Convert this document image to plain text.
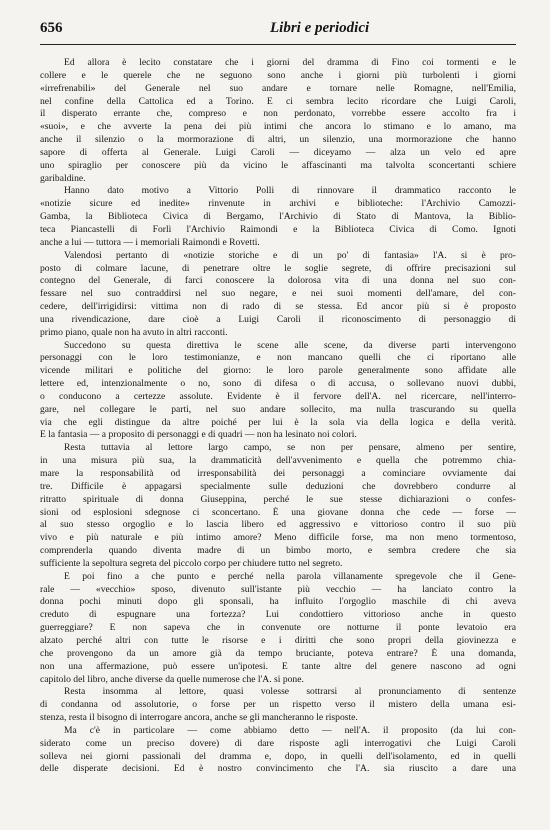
656	Libri e periodici
Ed allora è lecito constatare che i giorni del dramma di Fino coi tormenti e le
collere e le querele che ne seguono sono anche i giorni più turbolenti i giorni
«irrefrenabili» del Generale nel suo andare e tornare nelle Romagne, nell'Emilia,
nel confine della Cattolica ed a Torino. E ci sembra lecito ricordare che Luigi Caroli,
il disperato errante che, compreso e non perdonato, vorrebbe essere accolto fra i
«suoi», e che avverte la pena dei più intimi che ancora lo stimano e lo amano, ma
anche il silenzio o la mormorazione di altri, un silenzio, una mormorazione che hanno
sapore di offerta al Generale. Luigi Caroli — diceyamo — alza un velo ed apre
uno spiraglio per conoscere più da vicino le affascinanti ma talvolta sconcertanti schiere
garibaldine.
Hanno dato motivo a Vittorio Polli di rinnovare il drammatico racconto le
«notizie sicure ed inedite» rinvenute in archivi e biblioteche: l'Archivio Camozzi-
Gamba, la Biblioteca Civica di Bergamo, l'Archivio di Stato di Mantova, la Biblio-
teca Piancastelli di Forlì l'Archivio Raimondi e la Biblioteca Civica di Como. Ignoti
anche a lui — tuttora — i memoriali Raimondi e Rovetti.
Valendosi pertanto di «notizie storiche e di un po' di fantasia» l'A. si è pro-
posto di colmare lacune, di penetrare oltre le soglie segrete, di offrire precisazioni sul
contegno del Generale, di farci conoscere la dolorosa vita di una donna nel suo con-
fessare nel suo contraddirsi nel suo negare, e nei suoi momenti dell'amare, del con-
cedere, dell'irrigidirsi: vittima non di rado di se stessa. Ed ancor più si è proposto
una rivendicazione, dare cioè a Luigi Caroli il riconoscimento di personaggio di
primo piano, quale non ha avuto in altri racconti.
Succedono su questa direttiva le scene alle scene, da diverse parti intervengono
personaggi con le loro testimonianze, e non mancano quelli che ci riportano alle
vicende militari e politiche del giorno: le loro parole generalmente sono affidate alle
lettere ed, intenzionalmente o no, sono di difesa o di accusa, o sollevano nuovi dubbi,
o conducono a certezze assolute. Evidente è il fervore dell'A. nel ricercare, nell'interro-
gare, nel collegare le parti, nel suo andare sollecito, ma nulla trascurando su quella
via che egli distingue da altre poiché per lui è la sola via della logica e della verità.
E la fantasia — a proposito di personaggi e di quadri — non ha lesinato noi colori.
Resta tuttavia al lettore largo campo, se non per pensare, almeno per sentire,
in una misura più sua, la drammaticità dell'avvenimento e quella che potremmo chia-
mare la responsabilità od irresponsabilità dei personaggi a cominciare ovviamente dai
tre. Difficile è appagarsi specialmente sulle deduzioni che dovrebbero condurre al
ritratto spirituale di donna Giuseppina, perché le sue stesse dichiarazioni o confes-
sioni od esplosioni sdegnose ci sconcertano. È una giovane donna che cede — forse —
al suo stesso orgoglio e lo lascia libero ed aggressivo e vittorioso contro il suo più
vivo e più naturale e più intimo amore? Meno difficile forse, ma non meno tormentoso,
comprenderla quando diventa madre di un bimbo morto, e sembra credere che sia
sufficiente la sepoltura segreta del piccolo corpo per chiudere tutto nel segreto.
E poi fino a che punto e perché nella parola villanamente spregevole che il Gene-
rale — «vecchio» sposo, divenuto sull'istante più vecchio — ha lanciato contro la
donna pochi minuti dopo gli sponsali, ha influito l'orgoglio maschile di chi aveva
creduto di espugnare una fortezza? Lui condottiero vittorioso anche in questo
guerreggiare? E non sapeva che in convenute ore notturne il ponte levatoio era
alzato perché altri con tutte le risorse e i diritti che sono propri della giovinezza e
che provengono da un amore già da tempo bruciante, poteva entrare? È una domanda,
non una affermazione, può essere un'ipotesi. E tante altre del genere nascono ad ogni
capitolo del libro, anche diverse da quelle numerose che l'A. si pone.
Resta insomma al lettore, quasi volesse sottrarsi al pronunciamento di sentenze
di condanna od assolutorie, o forse per un rispetto verso il mistero della umana esi-
stenza, resta il bisogno di interrogare ancora, anche se gli mancheranno le risposte.
Ma c'è in particolare — come abbiamo detto — nell'A. il proposito (da lui con-
siderato come un preciso dovere) di dare risposte agli interrogativi che Luigi Caroli
solleva nei giorni passionali del dramma e, dopo, in quelli dell'isolamento, ed in quelli
delle disperate decisioni. Ed è nostro convincimento che l'A. sia riuscito a dare una
